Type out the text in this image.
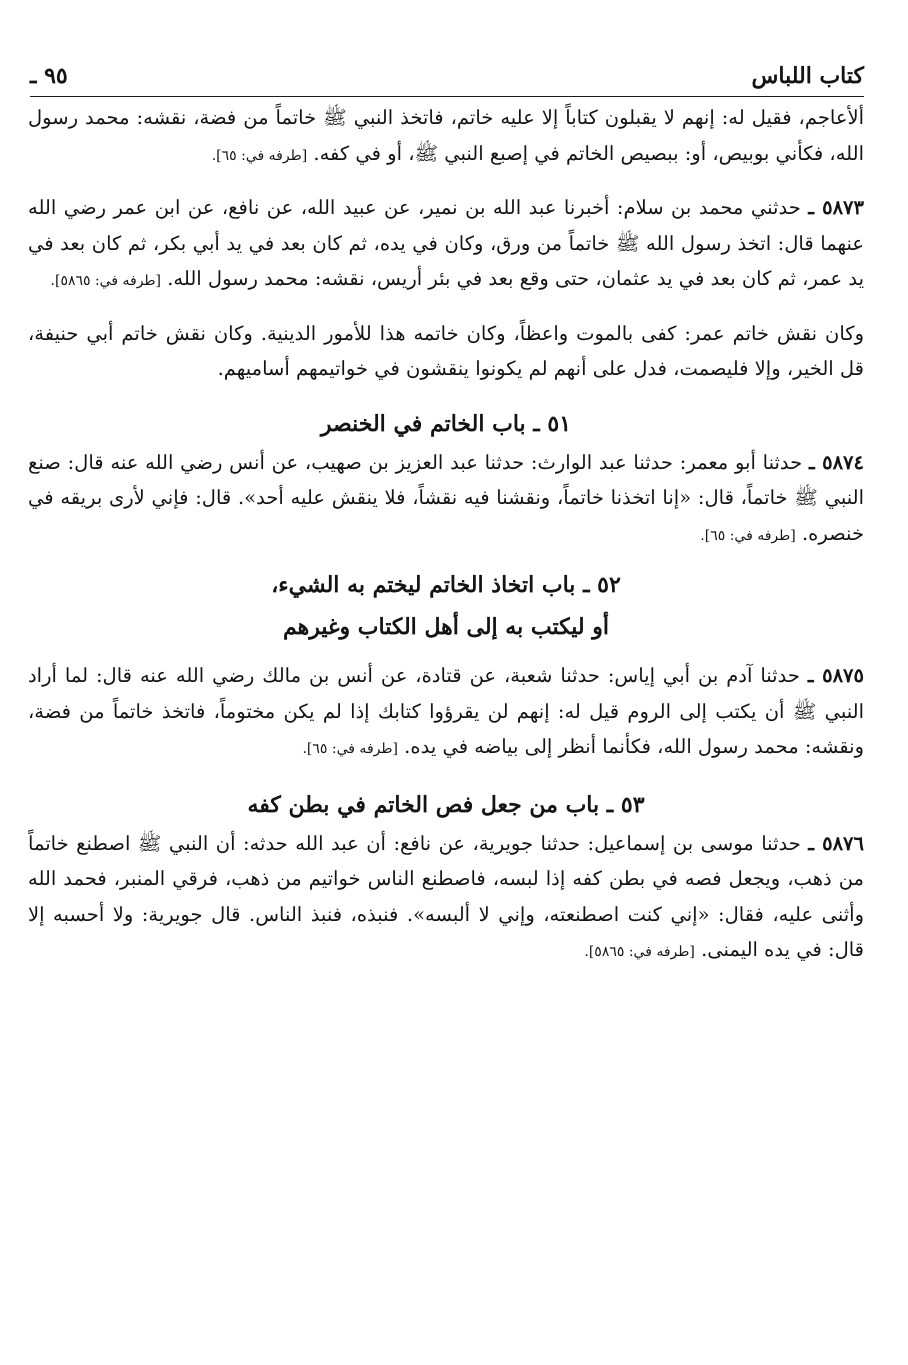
كتاب اللباس
٩٥ ـ

ألأعاجم، فقيل له: إنهم لا يقبلون كتاباً إلا عليه خاتم، فاتخذ النبي ﷺ خاتماً من فضة، نقشه: محمد رسول الله، فكأني بوبيص، أو: ببصيص الخاتم في إصبع النبي ﷺ، أو في كفه. [طرفه في: ٦٥].

٥٨٧٣ ـ حدثني محمد بن سلام: أخبرنا عبد الله بن نمير، عن عبيد الله، عن نافع، عن ابن عمر رضي الله عنهما قال: اتخذ رسول الله ﷺ خاتماً من ورق، وكان في يده، ثم كان بعد في يد أبي بكر، ثم كان بعد في يد عمر، ثم كان بعد في يد عثمان، حتى وقع بعد في بئر أريس، نقشه: محمد رسول الله. [طرفه في: ٥٨٦٥].

وكان نقش خاتم عمر: كفى بالموت واعظاً، وكان خاتمه هذا للأمور الدينية. وكان نقش خاتم أبي حنيفة، قل الخير، وإلا فليصمت، فدل على أنهم لم يكونوا ينقشون في خواتيمهم أساميهم.

٥١ ـ باب الخاتم في الخنصر

٥٨٧٤ ـ حدثنا أبو معمر: حدثنا عبد الوارث: حدثنا عبد العزيز بن صهيب، عن أنس رضي الله عنه قال: صنع النبي ﷺ خاتماً، قال: «إنا اتخذنا خاتماً، ونقشنا فيه نقشاً، فلا ينقش عليه أحد». قال: فإني لأرى بريقه في خنصره. [طرفه في: ٦٥].

٥٢ ـ باب اتخاذ الخاتم ليختم به الشيء،
أو ليكتب به إلى أهل الكتاب وغيرهم

٥٨٧٥ ـ حدثنا آدم بن أبي إياس: حدثنا شعبة، عن قتادة، عن أنس بن مالك رضي الله عنه قال: لما أراد النبي ﷺ أن يكتب إلى الروم قيل له: إنهم لن يقرؤوا كتابك إذا لم يكن مختوماً، فاتخذ خاتماً من فضة، ونقشه: محمد رسول الله، فكأنما أنظر إلى بياضه في يده. [طرفه في: ٦٥].

٥٣ ـ باب من جعل فص الخاتم في بطن كفه

٥٨٧٦ ـ حدثنا موسى بن إسماعيل: حدثنا جويرية، عن نافع: أن عبد الله حدثه: أن النبي ﷺ اصطنع خاتماً من ذهب، ويجعل فصه في بطن كفه إذا لبسه، فاصطنع الناس خواتيم من ذهب، فرقي المنبر، فحمد الله وأثنى عليه، فقال: «إني كنت اصطنعته، وإني لا ألبسه». فنبذه، فنبذ الناس. قال جويرية: ولا أحسبه إلا قال: في يده اليمنى. [طرفه في: ٥٨٦٥].
